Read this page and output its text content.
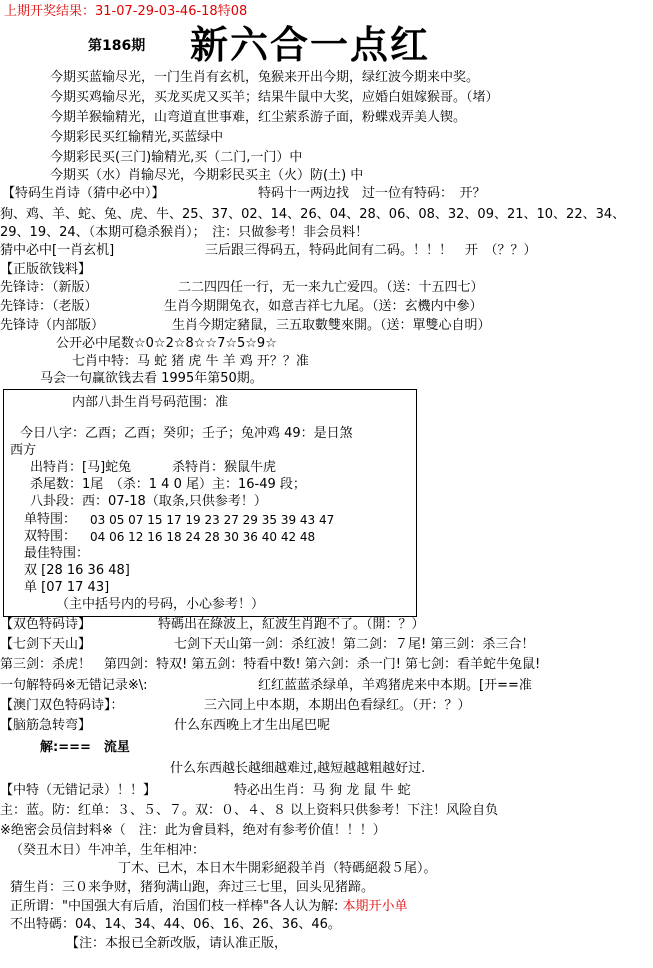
上期开奖结果：31-07-29-03-46-18特08
第186期 新六合一点红
今期买蓝输尽光，一门生肖有玄机，兔猴来开出今期，绿红波今期来中奖。
今期买鸡输尽光，买龙买虎又买羊；结果牛鼠中大奖，应婚白姐嫁猴哥。（堵）
今期羊猴输精光，山弯道直世事难，红尘萦系游子面，粉蝶戏弄美人锲。
今期彩民买红输精光,买蓝绿中
今期彩民买(三门)输精光,买（二门,一门）中
今期买（水）肖输尽光，今期彩民买主（火）防(土) 中
【特码生肖诗（猜中必中）】	特码十一两边找　过一位有特码：　开？
狗、鸡、羊、蛇、兔、虎、牛、25、37、02、14、26、04、28、06、08、32、09、21、10、22、34、
29、19、24、（本期可稳杀猴肖）；　注：只做参考！非会员料！
猜中必中[一肖玄机]	三后跟三得码五，特码此间有二码。！！！　开　（？？）
【正版欲钱料】
先锋诗：（新版）	二二四四任一行，无一来九亡爱四。（送：十五四七）
先锋诗：（老版）	生肖今期開兔衣，如意吉祥七九尾。（送：玄機内中參）
先锋诗（内部版）	生肖今期定豬鼠，三五取數雙來開。（送：單雙心自明）
公开必中尾数☆0☆2☆8☆☆7☆5☆9☆
七肖中特：马 蛇 猪 虎 牛 羊 鸡 开？？准
马会一句赢欲钱去看 1995年第50期。
内部八卦生肖号码范围：准
今日八字：乙酉；乙酉；癸卯；壬子；兔冲鸡 49：是日煞
西方
出特肖：[马]蛇兔	杀特肖：猴鼠牛虎
杀尾数：1尾　（杀：1 4 0 尾）主：16-49 段；
八卦段：西：07-18（取条,只供参考！）
单特围： 03 05 07 15 17 19 23 27 29 35 39 43 47
双特围： 04 06 12 16 18 24 28 30 36 40 42 48
最佳特围：
双 [28 16 36 48]
单 [07 17 43]
（主中括号内的号码，小心参考！）
【双色特码诗】	特碼出在綠波上，紅波生肖跑不了。（開：？）
【七剑下天山】	七剑下天山第一剑：杀红波！第二剑：７尾! 第三剑：杀三合！
第三剑：杀虎！　第四剑：特双! 第五剑：特看中数! 第六剑：杀一门! 第七剑：看羊蛇牛兔鼠!
一句解特码※无错记录※\:	红红蓝蓝杀绿单，羊鸡猪虎来中本期。[开==准
【澳门双色特码诗】：	三六同上中本期，本期出色看绿红。（开：？）
【脑筋急转弯】	什么东西晚上才生出尾巴呢
解:===　流星
什么东西越长越细越难过,越短越越粗越好过.
【中特（无错记录）！！】	特必出生肖：马 狗 龙 鼠 牛 蛇
主：蓝。防：红单：３、５、７。双：０、４、８ 以上资料只供参考！下注！风险自负
※绝密会员信封料※（　注：此为會員料，绝对有参考价值！！！）
（癸丑木日）牛冲羊，生年相冲：
丁木、已木，本日木牛開彩絕殺羊肖（特碼絕殺５尾）。
猜生肖：三０来争财，猪狗满山跑，奔过三七里，回头见猪蹄。
正所谓："中国强大有后盾，治国们枝一样棒"各人认为解: 本期开小单
不出特碼：04、14、34、44、06、16、26、36、46。
【注：本报已全新改版，请认准正版，
